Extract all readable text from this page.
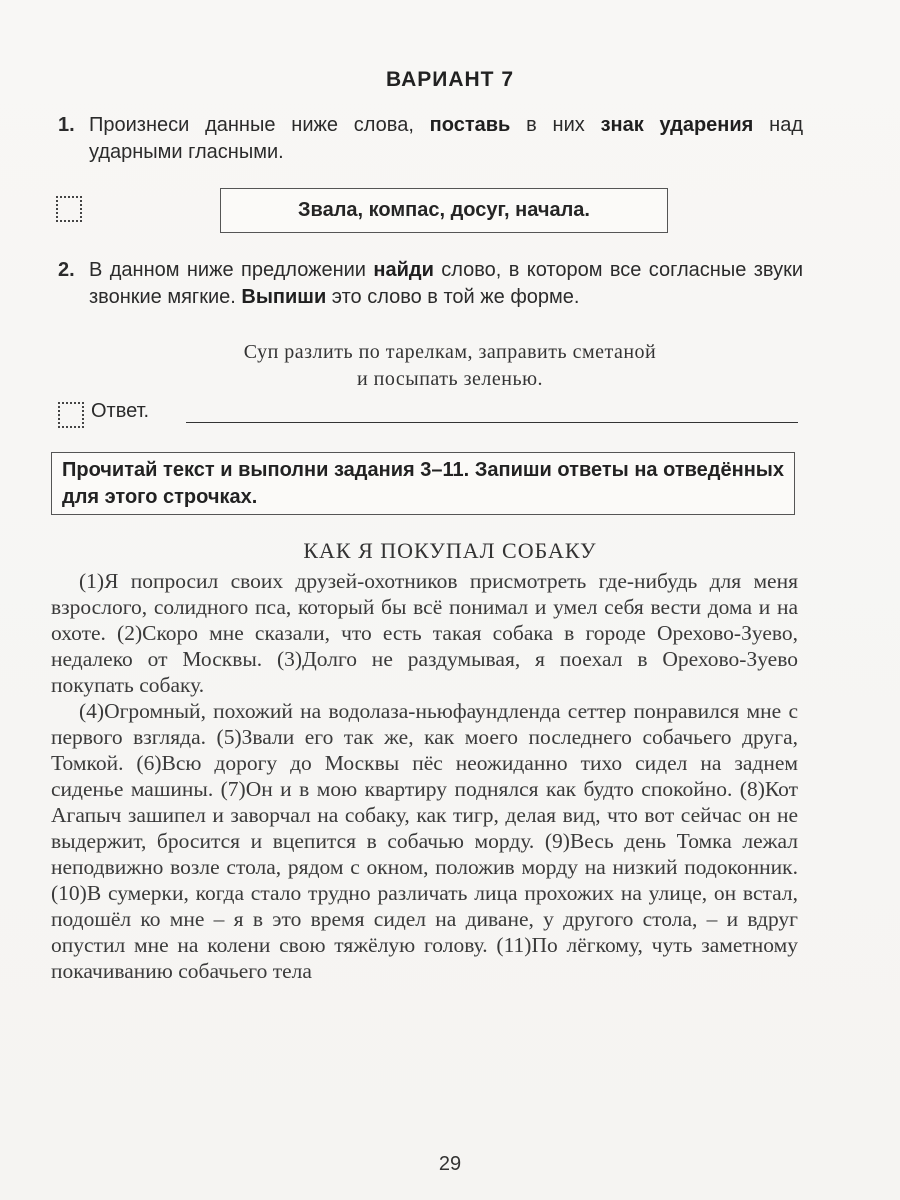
ВАРИАНТ 7
1. Произнеси данные ниже слова, поставь в них знак ударения над ударными гласными.
Звала, компас, досуг, начала.
2. В данном ниже предложении найди слово, в котором все согласные звуки звонкие мягкие. Выпиши это слово в той же форме.
Суп разлить по тарелкам, заправить сметаной
и посыпать зеленью.
Ответ.
Прочитай текст и выполни задания 3–11. Запиши ответы на отведённых для этого строчках.
КАК Я ПОКУПАЛ СОБАКУ

(1)Я попросил своих друзей-охотников присмотреть где-нибудь для меня взрослого, солидного пса, который бы всё понимал и умел себя вести дома и на охоте. (2)Скоро мне сказали, что есть такая собака в городе Орехово-Зуево, недалеко от Москвы. (3)Долго не раздумывая, я поехал в Орехово-Зуево покупать собаку.

(4)Огромный, похожий на водолаза-ньюфаундленда сеттер понравился мне с первого взгляда. (5)Звали его так же, как моего последнего собачьего друга, Томкой. (6)Всю дорогу до Москвы пёс неожиданно тихо сидел на заднем сиденье машины. (7)Он и в мою квартиру поднялся как будто спокойно. (8)Кот Агапыч зашипел и заворчал на собаку, как тигр, делая вид, что вот сейчас он не выдержит, бросится и вцепится в собачью морду. (9)Весь день Томка лежал неподвижно возле стола, рядом с окном, положив морду на низкий подоконник. (10)В сумерки, когда стало трудно различать лица прохожих на улице, он встал, подошёл ко мне – я в это время сидел на диване, у другого стола, – и вдруг опустил мне на колени свою тяжёлую голову. (11)По лёгкому, чуть заметному покачиванию собачьего тела

29
